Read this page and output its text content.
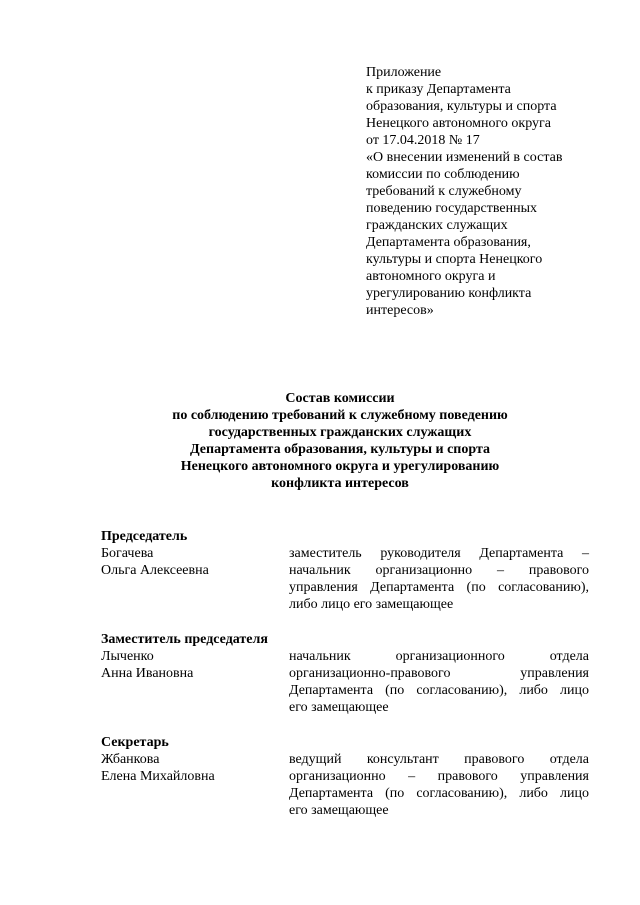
Приложение
к приказу Департамента
образования, культуры и спорта
Ненецкого автономного округа
от 17.04.2018 № 17
«О внесении изменений в состав
комиссии по соблюдению
требований к служебному
поведению государственных
гражданских служащих
Департамента образования,
культуры и спорта Ненецкого
автономного округа и
урегулированию конфликта
интересов»
Состав комиссии
по соблюдению требований к служебному поведению
государственных гражданских служащих
Департамента образования, культуры и спорта
Ненецкого автономного округа и урегулированию
конфликта интересов
Председатель
Богачева
Ольга Алексеевна
заместитель руководителя Департамента –
начальник организационно – правового
управления Департамента (по согласованию),
либо лицо его замещающее
Заместитель председателя
Лыченко
Анна Ивановна
начальник организационного отдела
организационно-правового управления
Департамента (по согласованию), либо лицо
его замещающее
Секретарь
Жбанкова
Елена Михайловна
ведущий консультант правового отдела
организационно – правового управления
Департамента (по согласованию), либо лицо
его замещающее
